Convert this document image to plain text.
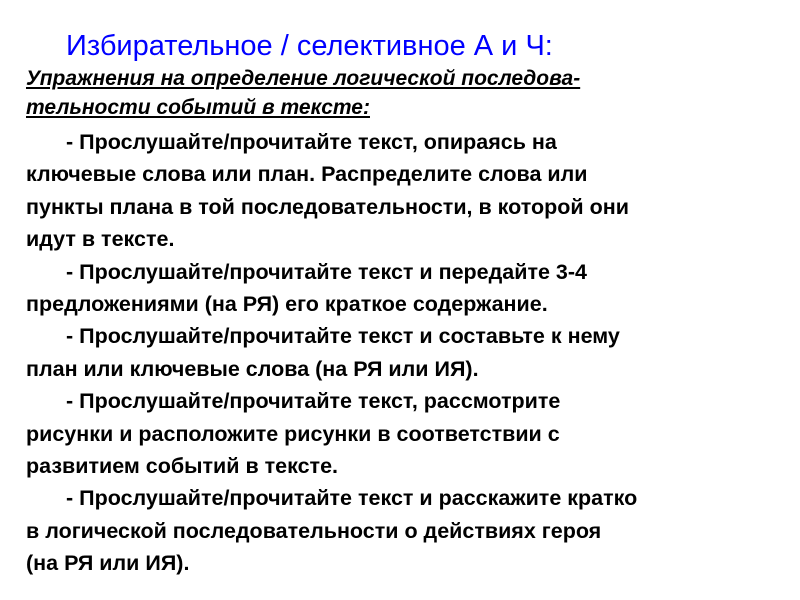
Избирательное / селективное А и Ч:
Упражнения на определение логической последова-
тельности событий в тексте:
- Прослушайте/прочитайте текст, опираясь на
ключевые слова или план. Распределите слова или
пункты плана в той последовательности, в которой они
идут в тексте.
- Прослушайте/прочитайте текст и передайте 3-4
предложениями (на РЯ) его краткое содержание.
- Прослушайте/прочитайте текст и составьте к нему
план или ключевые слова (на РЯ или ИЯ).
- Прослушайте/прочитайте текст, рассмотрите
рисунки и расположите рисунки в соответствии с
развитием событий в тексте.
- Прослушайте/прочитайте текст и расскажите кратко
в логической последовательности о действиях героя
(на РЯ или ИЯ).
